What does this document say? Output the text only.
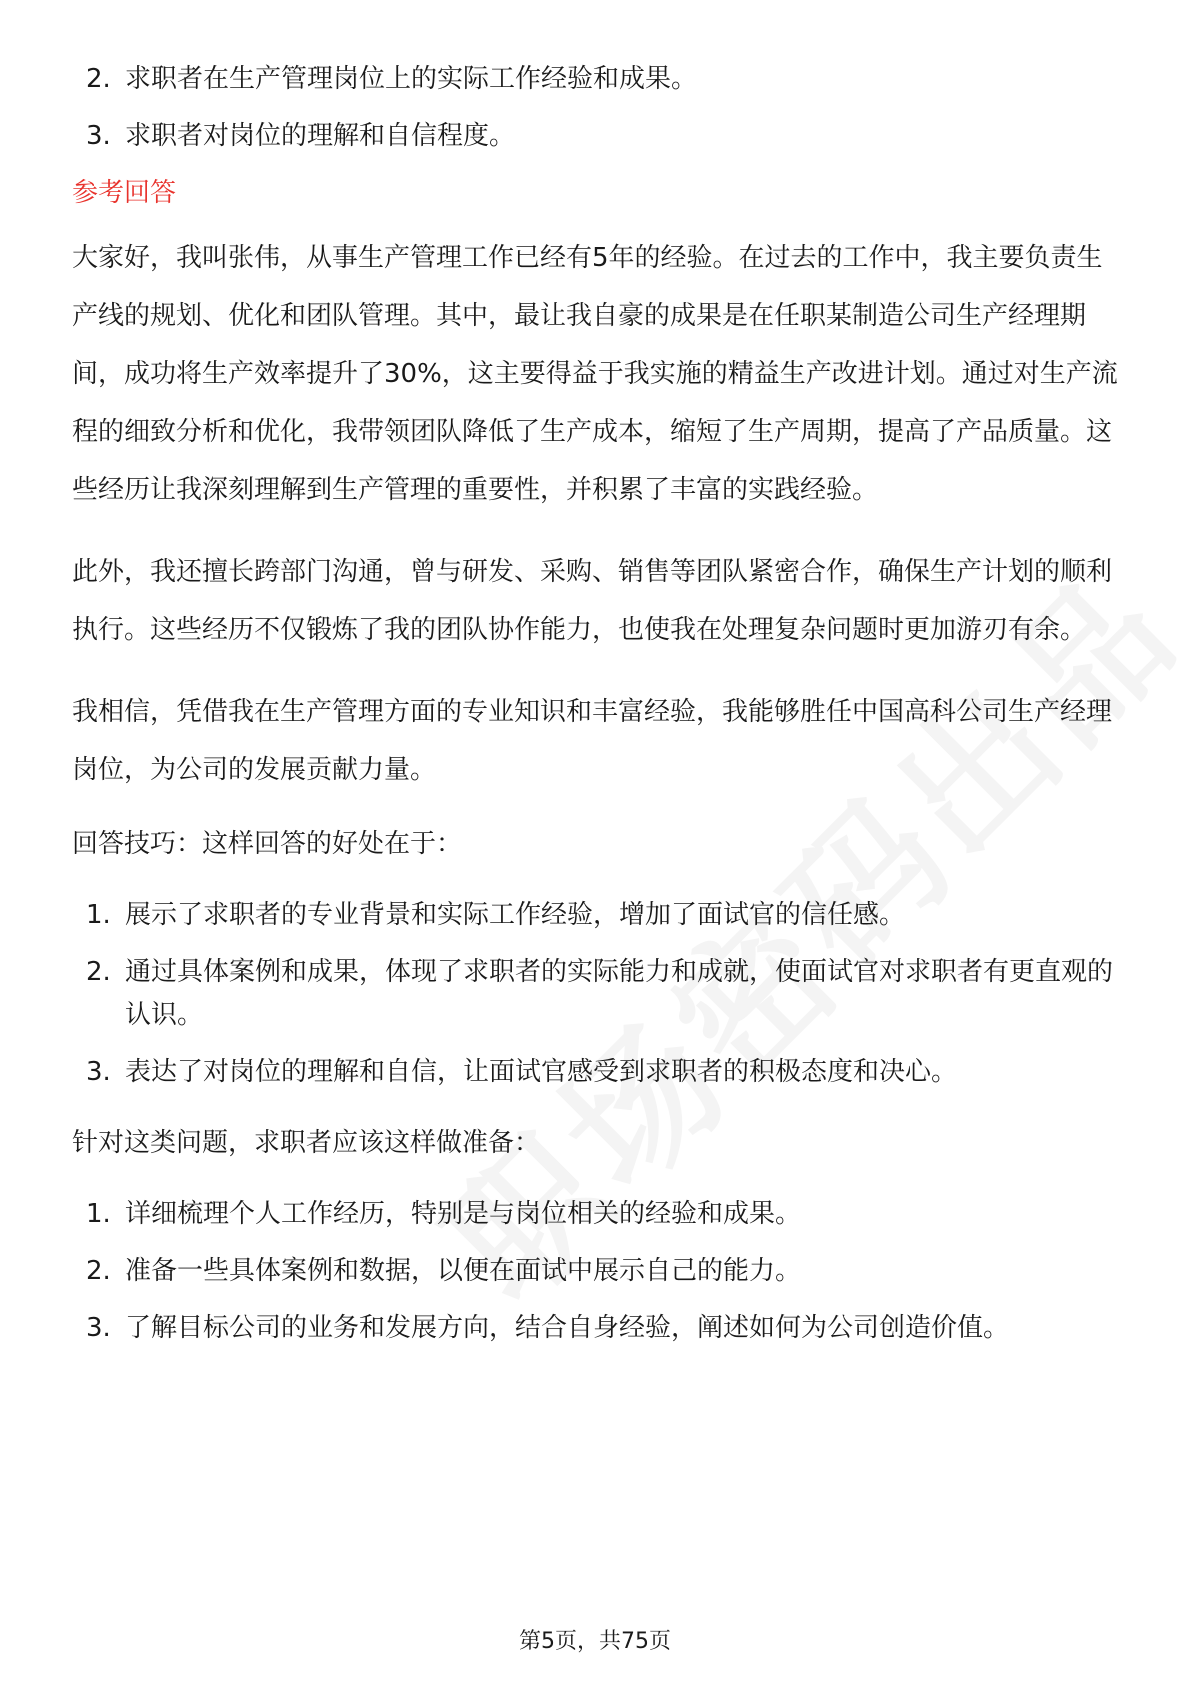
2. 求职者在生产管理岗位上的实际工作经验和成果。
3. 求职者对岗位的理解和自信程度。
参考回答

大家好，我叫张伟，从事生产管理工作已经有5年的经验。在过去的工作中，我主要负责生产线的规划、优化和团队管理。其中，最让我自豪的成果是在任职某制造公司生产经理期间，成功将生产效率提升了30%，这主要得益于我实施的精益生产改进计划。通过对生产流程的细致分析和优化，我带领团队降低了生产成本，缩短了生产周期，提高了产品质量。这些经历让我深刻理解到生产管理的重要性，并积累了丰富的实践经验。

此外，我还擅长跨部门沟通，曾与研发、采购、销售等团队紧密合作，确保生产计划的顺利执行。这些经历不仅锻炼了我的团队协作能力，也使我在处理复杂问题时更加游刃有余。

我相信，凭借我在生产管理方面的专业知识和丰富经验，我能够胜任中国高科公司生产经理岗位，为公司的发展贡献力量。

回答技巧：这样回答的好处在于：

1. 展示了求职者的专业背景和实际工作经验，增加了面试官的信任感。
2. 通过具体案例和成果，体现了求职者的实际能力和成就，使面试官对求职者有更直观的认识。
3. 表达了对岗位的理解和自信，让面试官感受到求职者的积极态度和决心。

针对这类问题，求职者应该这样做准备：

1. 详细梳理个人工作经历，特别是与岗位相关的经验和成果。
2. 准备一些具体案例和数据，以便在面试中展示自己的能力。
3. 了解目标公司的业务和发展方向，结合自身经验，阐述如何为公司创造价值。
第5页，共75页
